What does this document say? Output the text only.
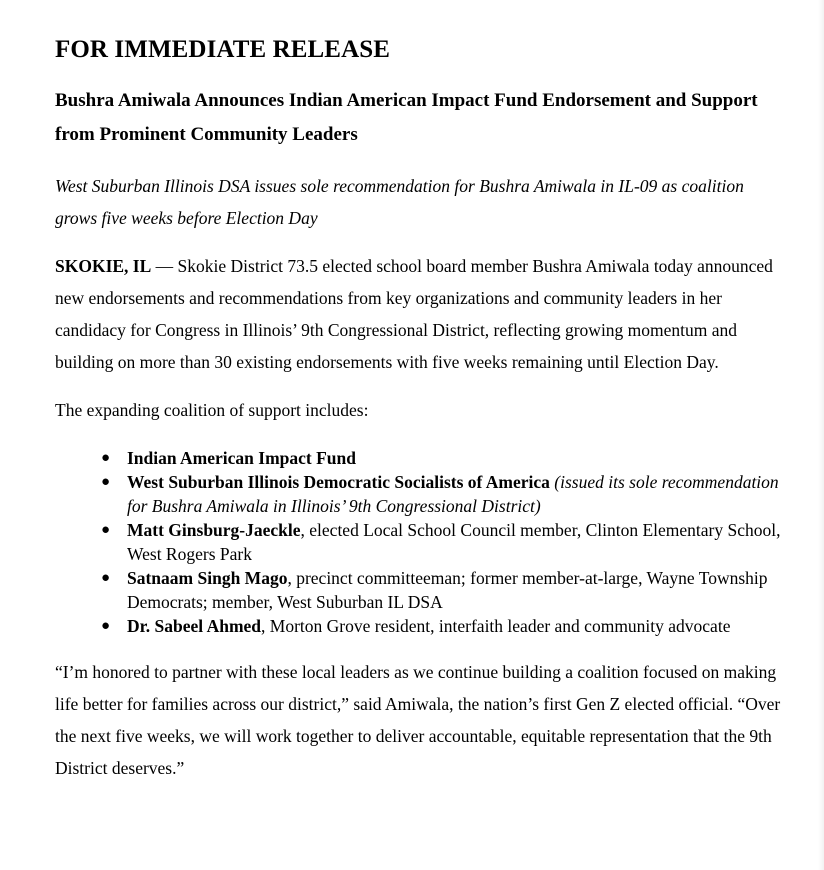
FOR IMMEDIATE RELEASE
Bushra Amiwala Announces Indian American Impact Fund Endorsement and Support from Prominent Community Leaders

West Suburban Illinois DSA issues sole recommendation for Bushra Amiwala in IL-09 as coalition grows five weeks before Election Day

SKOKIE, IL — Skokie District 73.5 elected school board member Bushra Amiwala today announced new endorsements and recommendations from key organizations and community leaders in her candidacy for Congress in Illinois’ 9th Congressional District, reflecting growing momentum and building on more than 30 existing endorsements with five weeks remaining until Election Day.

The expanding coalition of support includes:

● Indian American Impact Fund
● West Suburban Illinois Democratic Socialists of America (issued its sole recommendation for Bushra Amiwala in Illinois’ 9th Congressional District)
● Matt Ginsburg-Jaeckle, elected Local School Council member, Clinton Elementary School, West Rogers Park
● Satnaam Singh Mago, precinct committeeman; former member-at-large, Wayne Township Democrats; member, West Suburban IL DSA
● Dr. Sabeel Ahmed, Morton Grove resident, interfaith leader and community advocate

“I’m honored to partner with these local leaders as we continue building a coalition focused on making life better for families across our district,” said Amiwala, the nation’s first Gen Z elected official. “Over the next five weeks, we will work together to deliver accountable, equitable representation that the 9th District deserves.”
